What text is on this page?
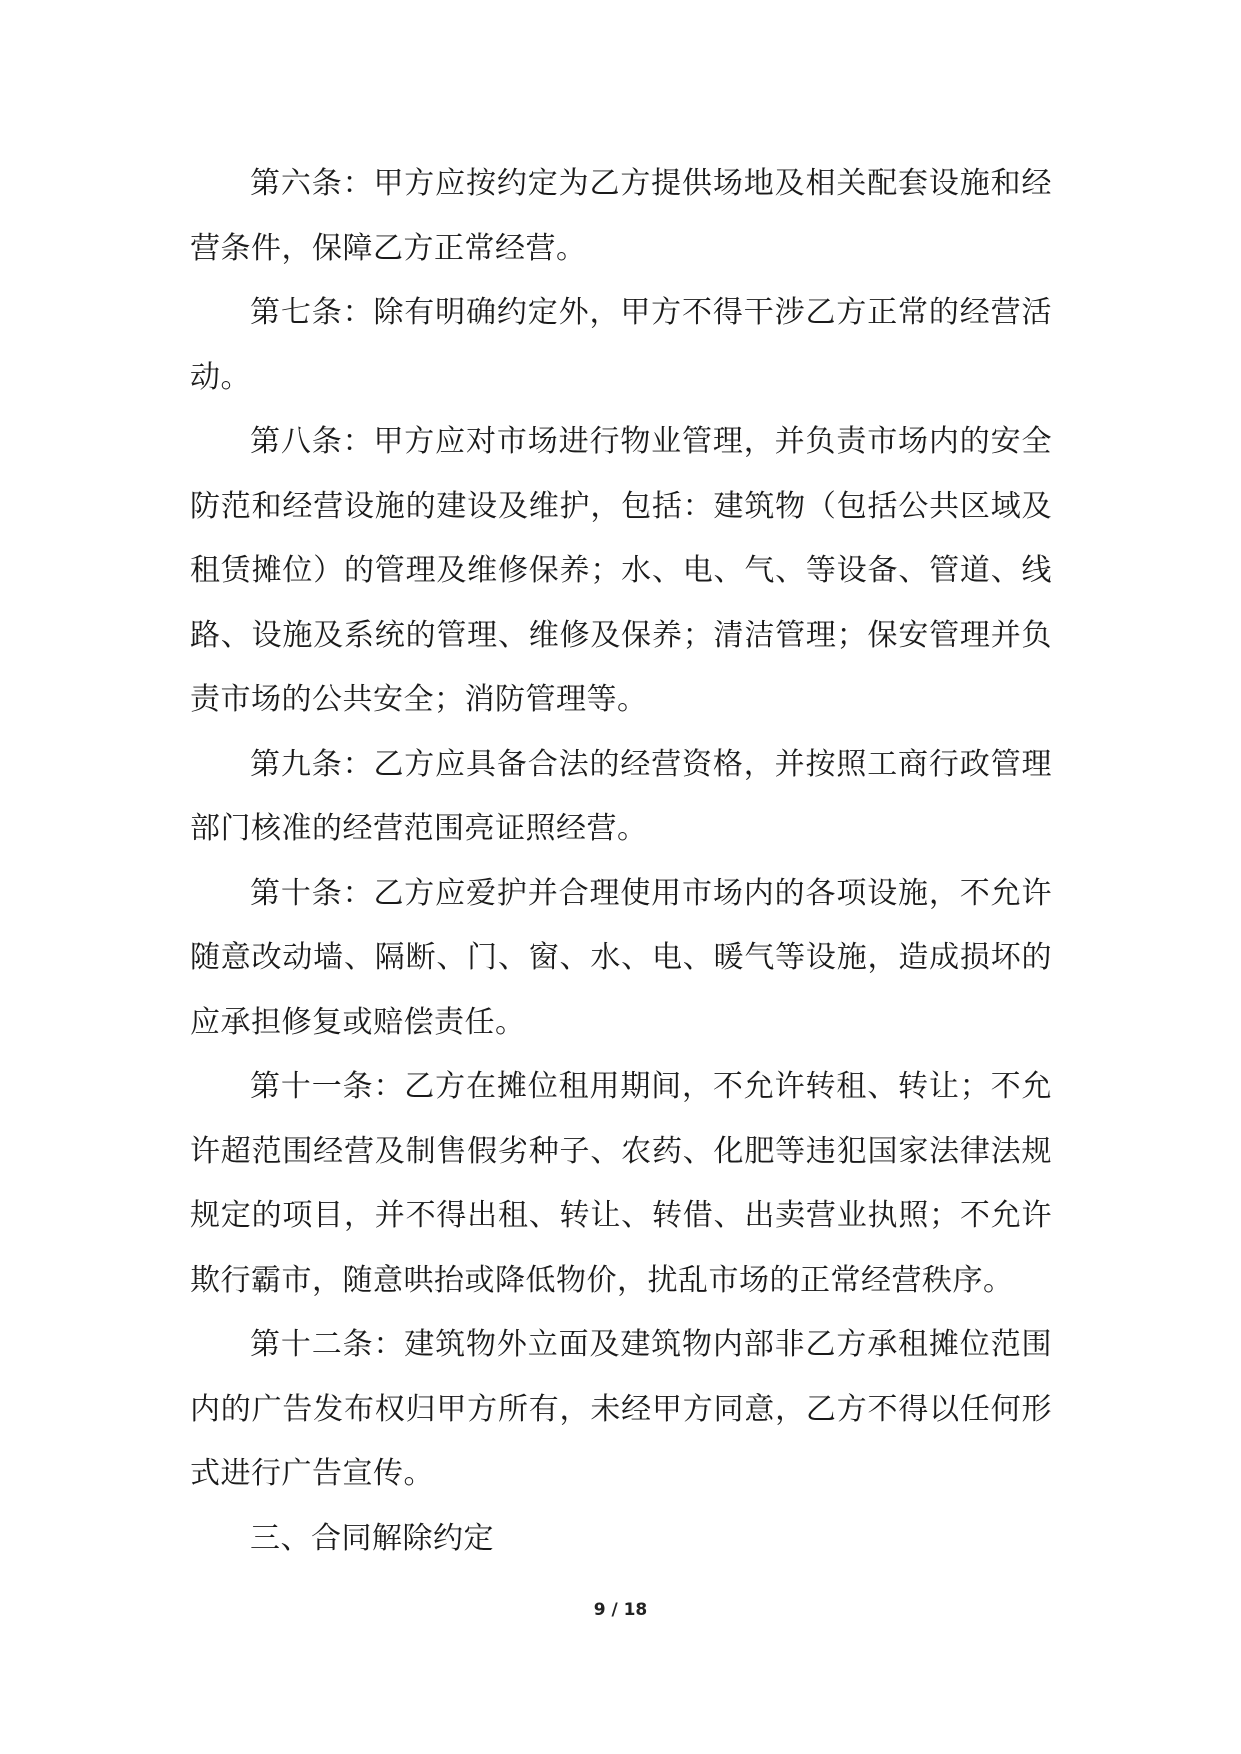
第六条：甲方应按约定为乙方提供场地及相关配套设施和经营条件，保障乙方正常经营。

第七条：除有明确约定外，甲方不得干涉乙方正常的经营活动。

第八条：甲方应对市场进行物业管理，并负责市场内的安全防范和经营设施的建设及维护，包括：建筑物（包括公共区域及租赁摊位）的管理及维修保养；水、电、气、等设备、管道、线路、设施及系统的管理、维修及保养；清洁管理；保安管理并负责市场的公共安全；消防管理等。

第九条：乙方应具备合法的经营资格，并按照工商行政管理部门核准的经营范围亮证照经营。

第十条：乙方应爱护并合理使用市场内的各项设施，不允许随意改动墙、隔断、门、窗、水、电、暖气等设施，造成损坏的应承担修复或赔偿责任。

第十一条：乙方在摊位租用期间，不允许转租、转让；不允许超范围经营及制售假劣种子、农药、化肥等违犯国家法律法规规定的项目，并不得出租、转让、转借、出卖营业执照；不允许欺行霸市，随意哄抬或降低物价，扰乱市场的正常经营秩序。

第十二条：建筑物外立面及建筑物内部非乙方承租摊位范围内的广告发布权归甲方所有，未经甲方同意，乙方不得以任何形式进行广告宣传。

三、合同解除约定

9 / 18
